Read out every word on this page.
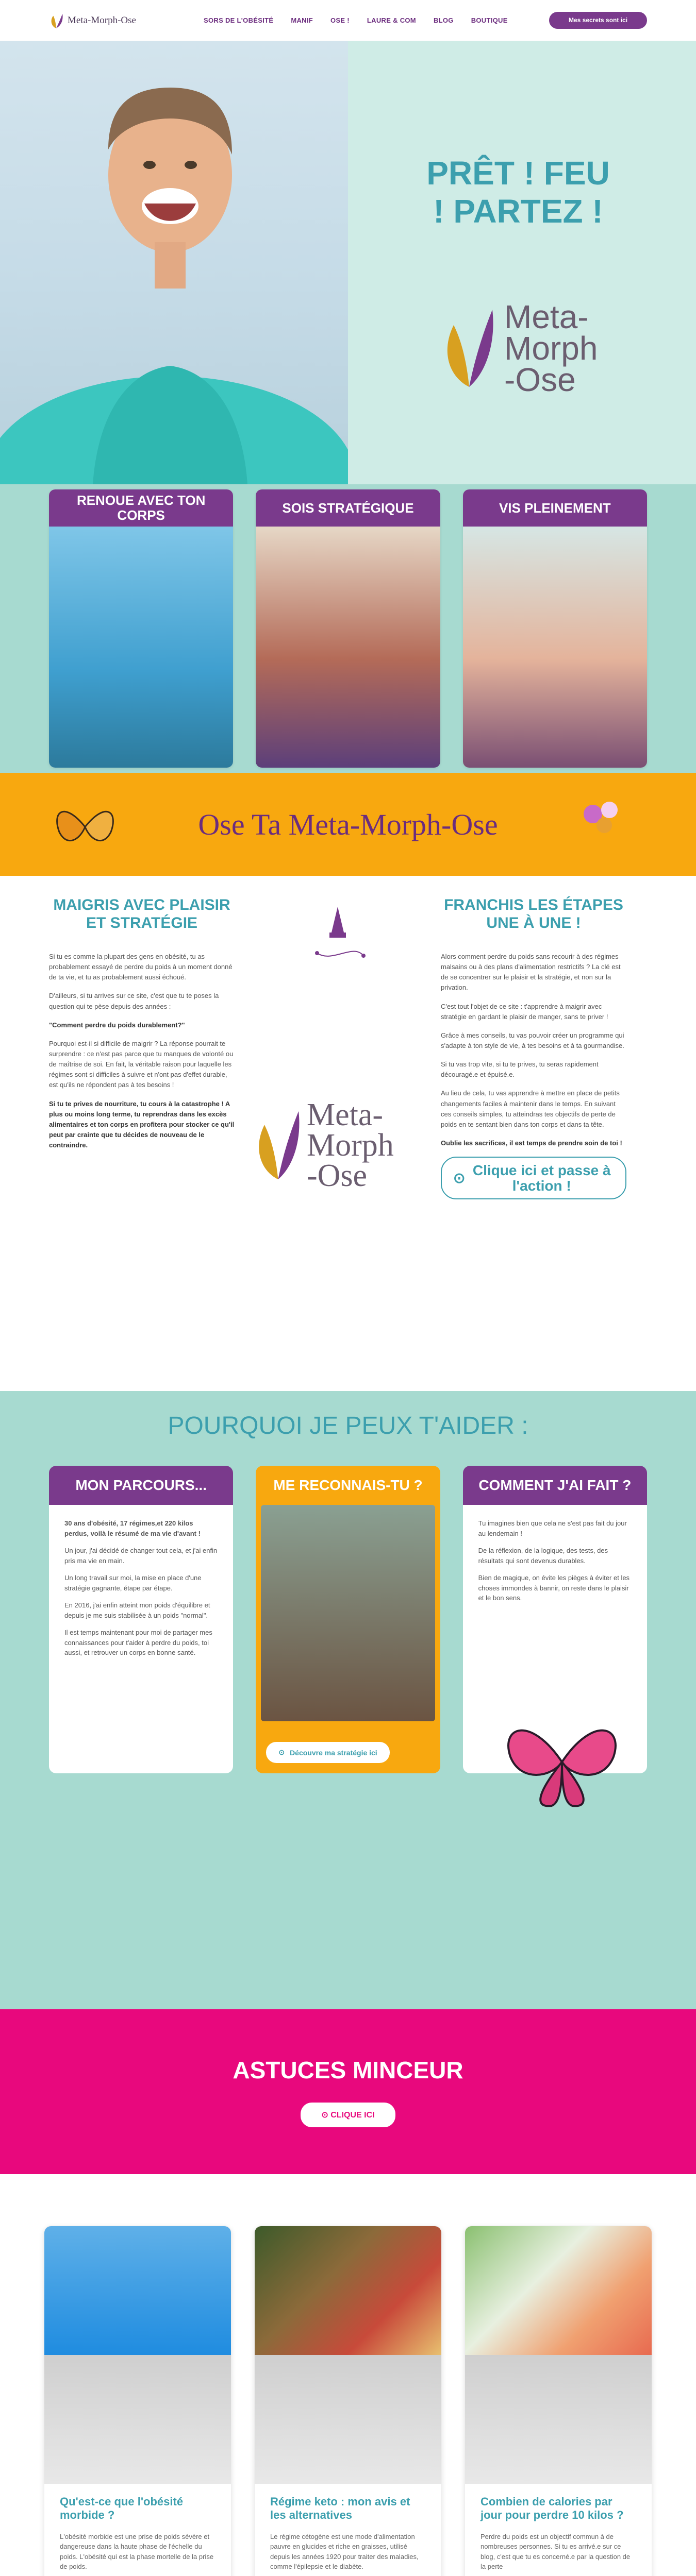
Meta-Morph-Ose	SORS DE L'OBÉSITÉ	MANIF	OSE !	LAURE & COM	BLOG	BOUTIQUE	Mes secrets sont ici
PRÊT ! FEU ! PARTEZ !
Meta-
Morph
-Ose
RENOUE AVEC TON CORPS	SOIS STRATÉGIQUE	VIS PLEINEMENT
Ose Ta Meta-Morph-Ose
MAIGRIS AVEC PLAISIR ET STRATÉGIE

Si tu es comme la plupart des gens en obésité, tu as probablement essayé de perdre du poids à un moment donné de ta vie, et tu as probablement aussi échoué.

D'ailleurs, si tu arrives sur ce site, c'est que tu te poses la question qui te pèse depuis des années :

"Comment perdre du poids durablement?"

Pourquoi est-il si difficile de maigrir ? La réponse pourrait te surprendre : ce n'est pas parce que tu manques de volonté ou de maîtrise de soi. En fait, la véritable raison pour laquelle les régimes sont si difficiles à suivre et n'ont pas d'effet durable, est qu'ils ne répondent pas à tes besoins !

Si tu te prives de nourriture, tu cours à la catastrophe ! A plus ou moins long terme, tu reprendras dans les excès alimentaires et ton corps en profitera pour stocker ce qu'il peut par crainte que tu décides de nouveau de le contraindre.

Meta-
Morph
-Ose
FRANCHIS LES ÉTAPES UNE À UNE !

Alors comment perdre du poids sans recourir à des régimes malsains ou à des plans d'alimentation restrictifs ? La clé est de se concentrer sur le plaisir et la stratégie, et non sur la privation.

C'est tout l'objet de ce site : t'apprendre à maigrir avec stratégie en gardant le plaisir de manger, sans te priver !

Grâce à mes conseils, tu vas pouvoir créer un programme qui s'adapte à ton style de vie, à tes besoins et à ta gourmandise.

Si tu vas trop vite, si tu te prives, tu seras rapidement découragé.e et épuisé.e.

Au lieu de cela, tu vas apprendre à mettre en place de petits changements faciles à maintenir dans le temps. En suivant ces conseils simples, tu atteindras tes objectifs de perte de poids en te sentant bien dans ton corps et dans ta tête.

Oublie les sacrifices, il est temps de prendre soin de toi !

⊙ Clique ici et passe à l'action !
POURQUOI JE PEUX T'AIDER :
MON PARCOURS...

30 ans d'obésité, 17 régimes,et 220 kilos perdus, voilà le résumé de ma vie d'avant !

Un jour, j'ai décidé de changer tout cela, et j'ai enfin pris ma vie en main.

Un long travail sur moi, la mise en place d'une stratégie gagnante, étape par étape.

En 2016, j'ai enfin atteint mon poids d'équilibre et depuis je me suis stabilisée à un poids "normal".

Il est temps maintenant pour moi de partager mes connaissances pour t'aider à perdre du poids, toi aussi, et retrouver un corps en bonne santé.

ME RECONNAIS-TU ?
⊙ Découvre ma stratégie ici
COMMENT J'AI FAIT ?

Tu imagines bien que cela ne s'est pas fait du jour au lendemain !

De la réflexion, de la logique, des tests, des résultats qui sont devenus durables.

Bien de magique, on évite les pièges à éviter et les choses immondes à bannir, on reste dans le plaisir et le bon sens.

ASTUCES MINCEUR
⊙ CLIQUE ICI
Qu'est-ce que l'obésité morbide ?
L'obésité morbide est une prise de poids sévère et dangereuse dans la haute phase de l'échelle du poids. L'obésité qui est la phase mortelle de la prise de poids.
Régime keto : mon avis et les alternatives
Le régime cétogène est une mode d'alimentation pauvre en glucides et riche en graisses, utilisé depuis les années 1920 pour traiter des maladies, comme l'épilepsie et le diabète.
Combien de calories par jour pour perdre 10 kilos ?
Perdre du poids est un objectif commun à de nombreuses personnes. Si tu es arrivé.e sur ce blog, c'est que tu es concerné.e par la question de la perte
